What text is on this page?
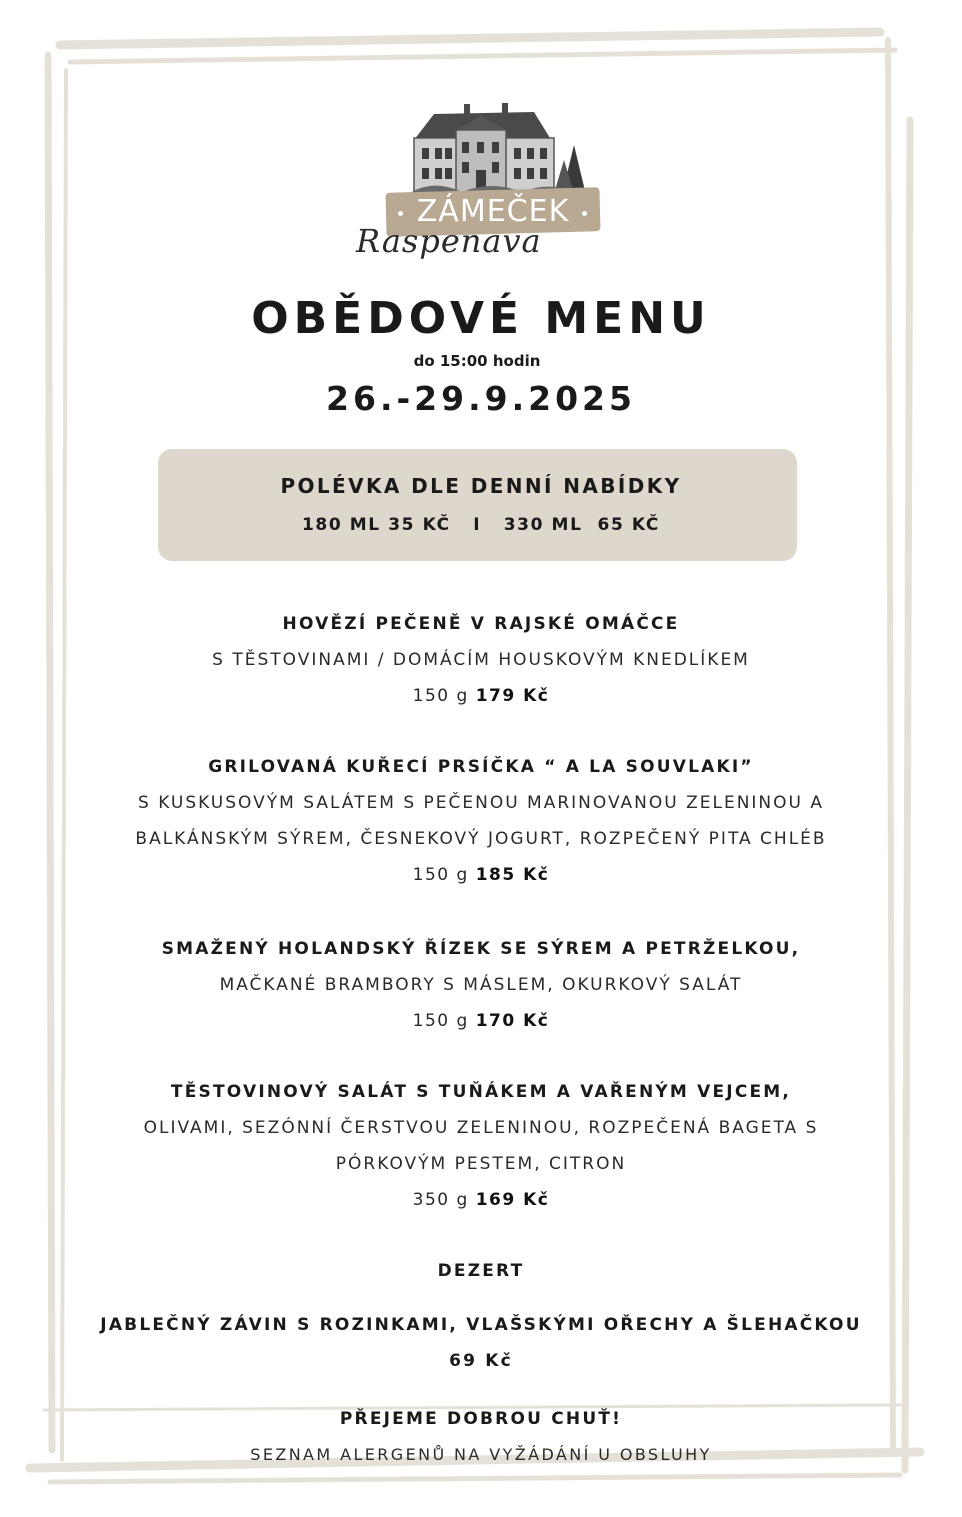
ZÁMEČEK
Raspenava
OBĚDOVÉ MENU
do 15:00 hodin
26.-29.9.2025
POLÉVKA DLE DENNÍ NABÍDKY
180 ML 35 KČ   I   330 ML  65 KČ
HOVĚZÍ PEČENĚ V RAJSKÉ OMÁČCE
S TĚSTOVINAMI / DOMÁCÍM HOUSKOVÝM KNEDLÍKEM
150 g 179 Kč
GRILOVANÁ KUŘECÍ PRSÍČKA “ A LA SOUVLAKI”
S KUSKUSOVÝM SALÁTEM S PEČENOU MARINOVANOU ZELENINOU A
BALKÁNSKÝM SÝREM, ČESNEKOVÝ JOGURT, ROZPEČENÝ PITA CHLÉB
150 g 185 Kč
SMAŽENÝ HOLANDSKÝ ŘÍZEK SE SÝREM A PETRŽELKOU,
MAČKANÉ BRAMBORY S MÁSLEM, OKURKOVÝ SALÁT
150 g 170 Kč
TĚSTOVINOVÝ SALÁT S TUŇÁKEM A VAŘENÝM VEJCEM,
OLIVAMI, SEZÓNNÍ ČERSTVOU ZELENINOU, ROZPEČENÁ BAGETA S
PÓRKOVÝM PESTEM, CITRON
350 g 169 Kč
DEZERT
JABLEČNÝ ZÁVIN S ROZINKAMI, VLAŠSKÝMI OŘECHY A ŠLEHAČKOU
69 Kč
PŘEJEME DOBROU CHUŤ!
SEZNAM ALERGENŮ NA VYŽÁDÁNÍ U OBSLUHY
